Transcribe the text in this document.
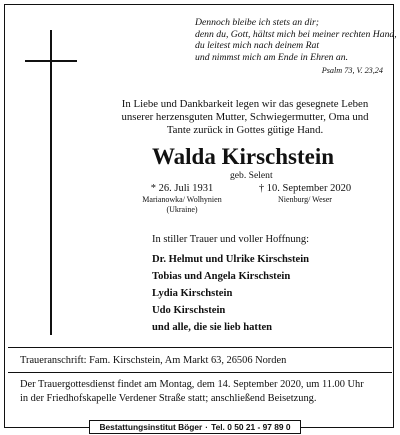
Dennoch bleibe ich stets an dir;
denn du, Gott, hältst mich bei meiner rechten Hand,
du leitest mich nach deinem Rat
und nimmst mich am Ende in Ehren an.
Psalm 73, V. 23,24
In Liebe und Dankbarkeit legen wir das gesegnete Leben
unserer herzensguten Mutter, Schwiegermutter, Oma und
Tante zurück in Gottes gütige Hand.
Walda Kirschstein
geb. Selent
* 26. Juli 1931
Marianowka/ Wolhynien
(Ukraine)
† 10. September 2020
Nienburg/ Weser
In stiller Trauer und voller Hoffnung:
Dr. Helmut und Ulrike Kirschstein
Tobias und Angela Kirschstein
Lydia Kirschstein
Udo Kirschstein
und alle, die sie lieb hatten
Traueranschrift: Fam. Kirschstein, Am Markt 63, 26506 Norden
Der Trauergottesdienst findet am Montag, dem 14. September 2020, um 11.00 Uhr
in der Friedhofskapelle Verdener Straße statt; anschließend Beisetzung.
Bestattungsinstitut Böger · Tel. 0 50 21 - 97 89 0
